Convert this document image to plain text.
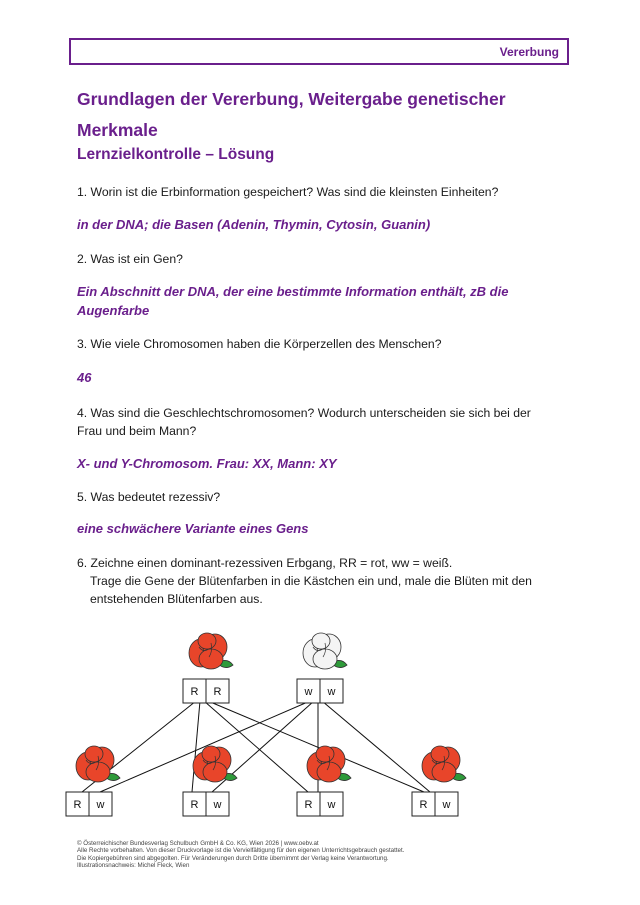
Vererbung
Grundlagen der Vererbung, Weitergabe genetischer Merkmale
Lernzielkontrolle – Lösung

1. Worin ist die Erbinformation gespeichert? Was sind die kleinsten Einheiten?

in der DNA; die Basen (Adenin, Thymin, Cytosin, Guanin)

2. Was ist ein Gen?

Ein Abschnitt der DNA, der eine bestimmte Information enthält, zB die Augenfarbe

3. Wie viele Chromosomen haben die Körperzellen des Menschen?

46

4. Was sind die Geschlechtschromosomen? Wodurch unterscheiden sie sich bei der Frau und beim Mann?

X- und Y-Chromosom. Frau: XX, Mann: XY

5. Was bedeutet rezessiv?

eine schwächere Variante eines Gens

6. Zeichne einen dominant-rezessiven Erbgang, RR = rot, ww = weiß.
Trage die Gene der Blütenfarben in die Kästchen ein und, male die Blüten mit den entstehenden Blütenfarben aus.

R R	w w
R w	R w	R w	R w
© Österreichischer Bundesverlag Schulbuch GmbH & Co. KG, Wien 2026 | www.oebv.at
Alle Rechte vorbehalten. Von dieser Druckvorlage ist die Vervielfältigung für den eigenen Unterrichtsgebrauch gestattet.
Die Kopiergebühren sind abgegolten. Für Veränderungen durch Dritte übernimmt der Verlag keine Verantwortung.
Illustrationsnachweis: Michel Fleck, Wien
